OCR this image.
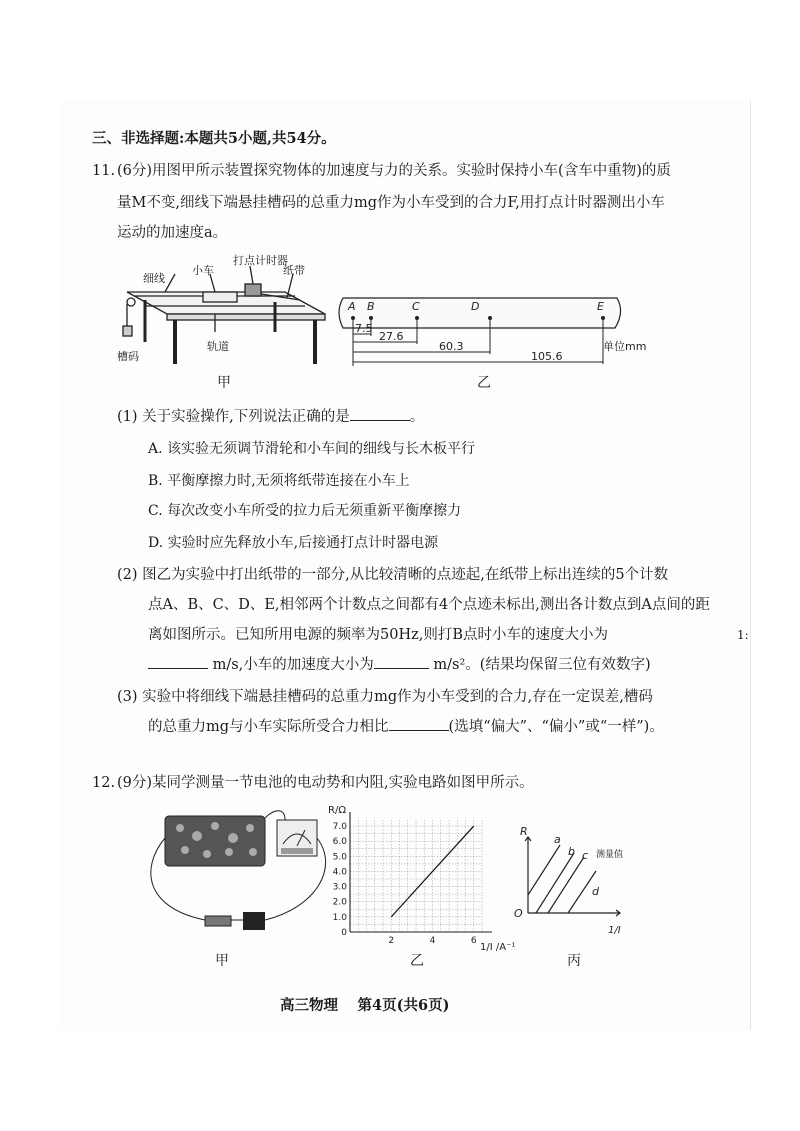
三、非选择题:本题共5小题,共54分。
11. (6分)用图甲所示装置探究物体的加速度与力的关系。实验时保持小车(含车中重物)的质
量M不变,细线下端悬挂槽码的总重力mg作为小车受到的合力F,用打点计时器测出小车
运动的加速度a。
打点计时器
小车
细线
纸带
槽码
轨道
甲
A B	C	D	E
7.5
27.6
60.3
105.6
单位mm
乙
(1) 关于实验操作,下列说法正确的是	。
A. 该实验无须调节滑轮和小车间的细线与长木板平行
B. 平衡摩擦力时,无须将纸带连接在小车上
C. 每次改变小车所受的拉力后无须重新平衡摩擦力
D. 实验时应先释放小车,后接通打点计时器电源
(2) 图乙为实验中打出纸带的一部分,从比较清晰的点迹起,在纸带上标出连续的5个计数
点A、B、C、D、E,相邻两个计数点之间都有4个点迹未标出,测出各计数点到A点间的距
离如图所示。已知所用电源的频率为50Hz,则打B点时小车的速度大小为
m/s,小车的加速度大小为	m/s²。(结果均保留三位有效数字)
1:
(3) 实验中将细线下端悬挂槽码的总重力mg作为小车受到的合力,存在一定误差,槽码
的总重力mg与小车实际所受合力相比	(选填“偏大”、“偏小”或“一样”)。
12. (9分)某同学测量一节电池的电动势和内阻,实验电路如图甲所示。
甲
0
1.0
2.0
3.0
4.0
5.0
6.0
7.0
2	4	6
R/Ω
1/I /A⁻¹
乙
R
O
1/I
a
b c
d
测量值
丙
高三物理　 第4页(共6页)
